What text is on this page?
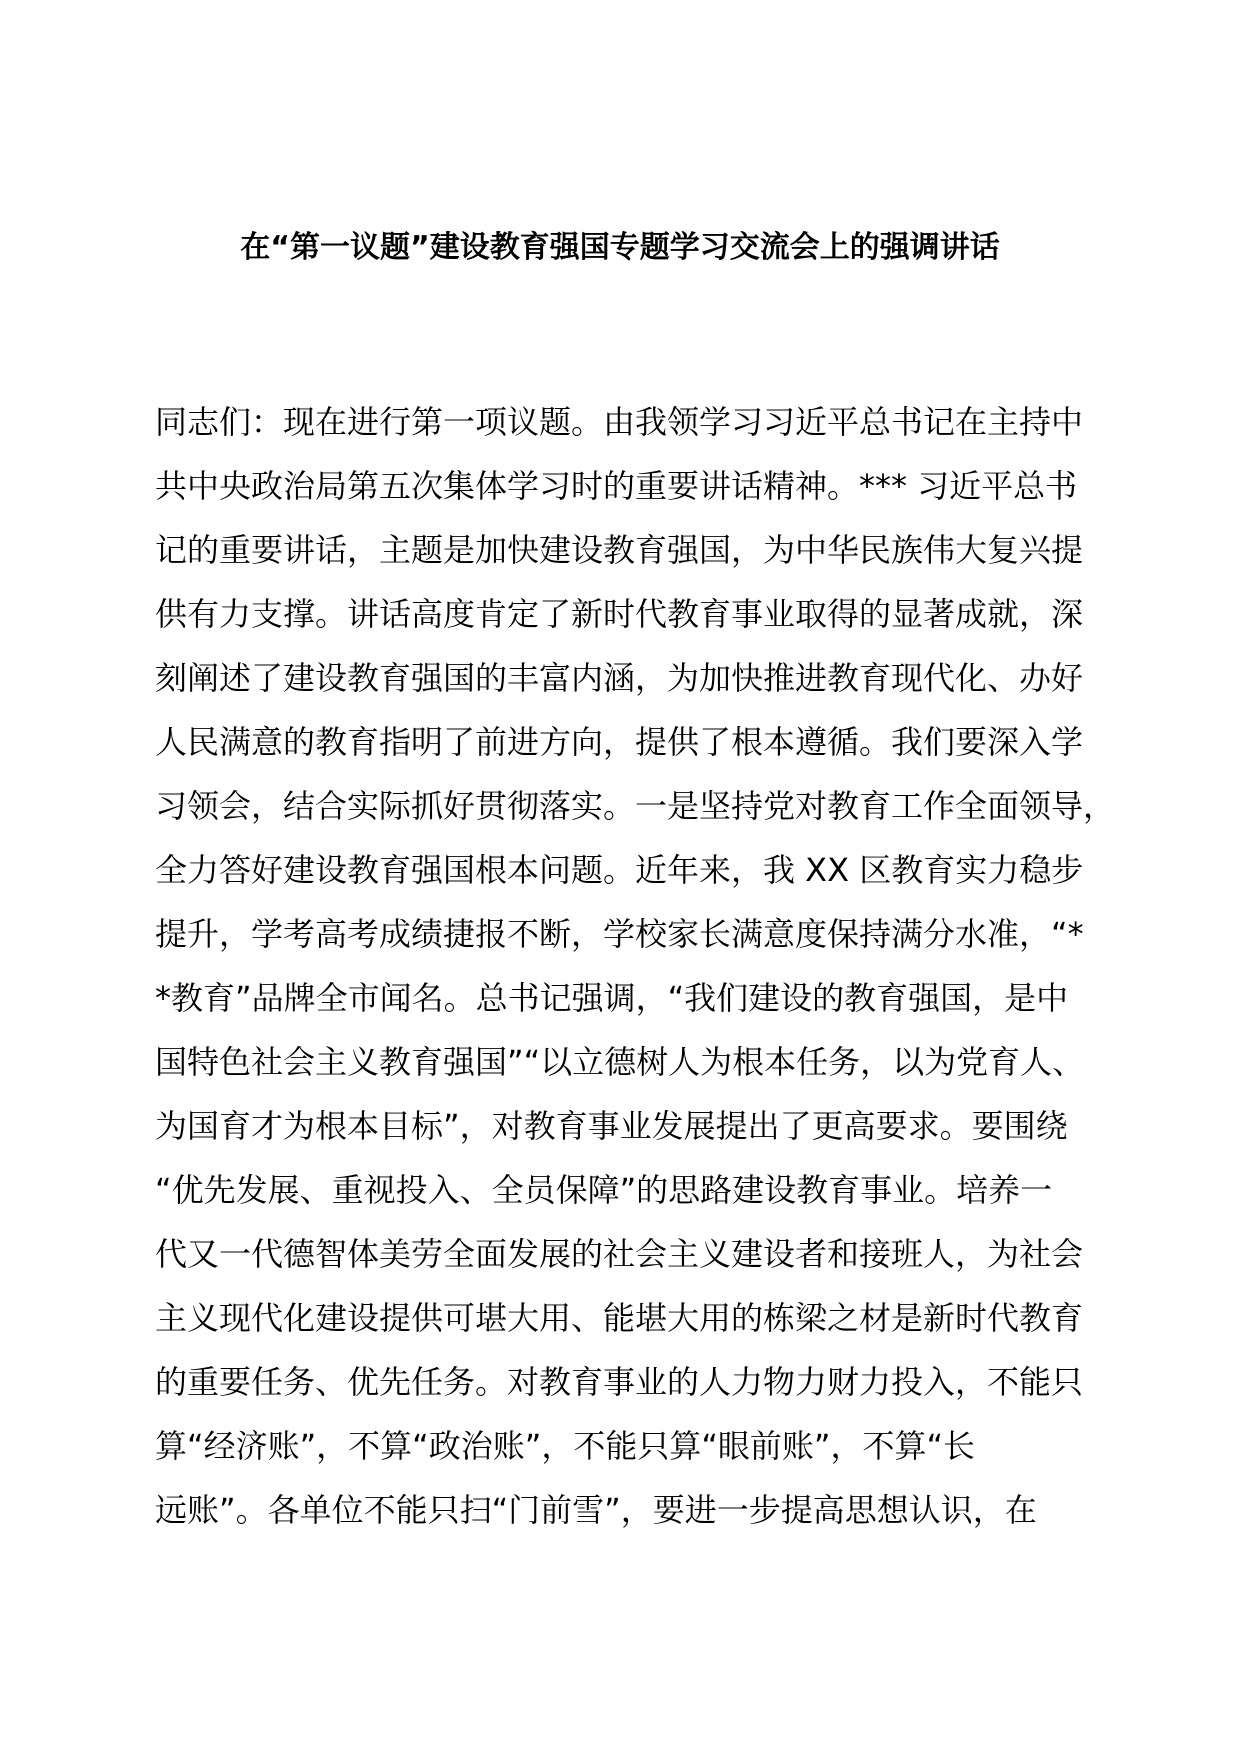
在“第一议题”建设教育强国专题学习交流会上的强调讲话
同志们：现在进行第一项议题。由我领学习习近平总书记在主持中
共中央政治局第五次集体学习时的重要讲话精神。*** 习近平总书
记的重要讲话，主题是加快建设教育强国，为中华民族伟大复兴提
供有力支撑。讲话高度肯定了新时代教育事业取得的显著成就，深
刻阐述了建设教育强国的丰富内涵，为加快推进教育现代化、办好
人民满意的教育指明了前进方向，提供了根本遵循。我们要深入学
习领会，结合实际抓好贯彻落实。一是坚持党对教育工作全面领导，
全力答好建设教育强国根本问题。近年来，我 XX 区教育实力稳步
提升，学考高考成绩捷报不断，学校家长满意度保持满分水准，“*
*教育”品牌全市闻名。总书记强调，“我们建设的教育强国，是中
国特色社会主义教育强国”“以立德树人为根本任务，以为党育人、
为国育才为根本目标”，对教育事业发展提出了更高要求。要围绕
“优先发展、重视投入、全员保障”的思路建设教育事业。培养一
代又一代德智体美劳全面发展的社会主义建设者和接班人，为社会
主义现代化建设提供可堪大用、能堪大用的栋梁之材是新时代教育
的重要任务、优先任务。对教育事业的人力物力财力投入，不能只
算“经济账”，不算“政治账”，不能只算“眼前账”，不算“长
远账”。各单位不能只扫“门前雪”，要进一步提高思想认识，在
